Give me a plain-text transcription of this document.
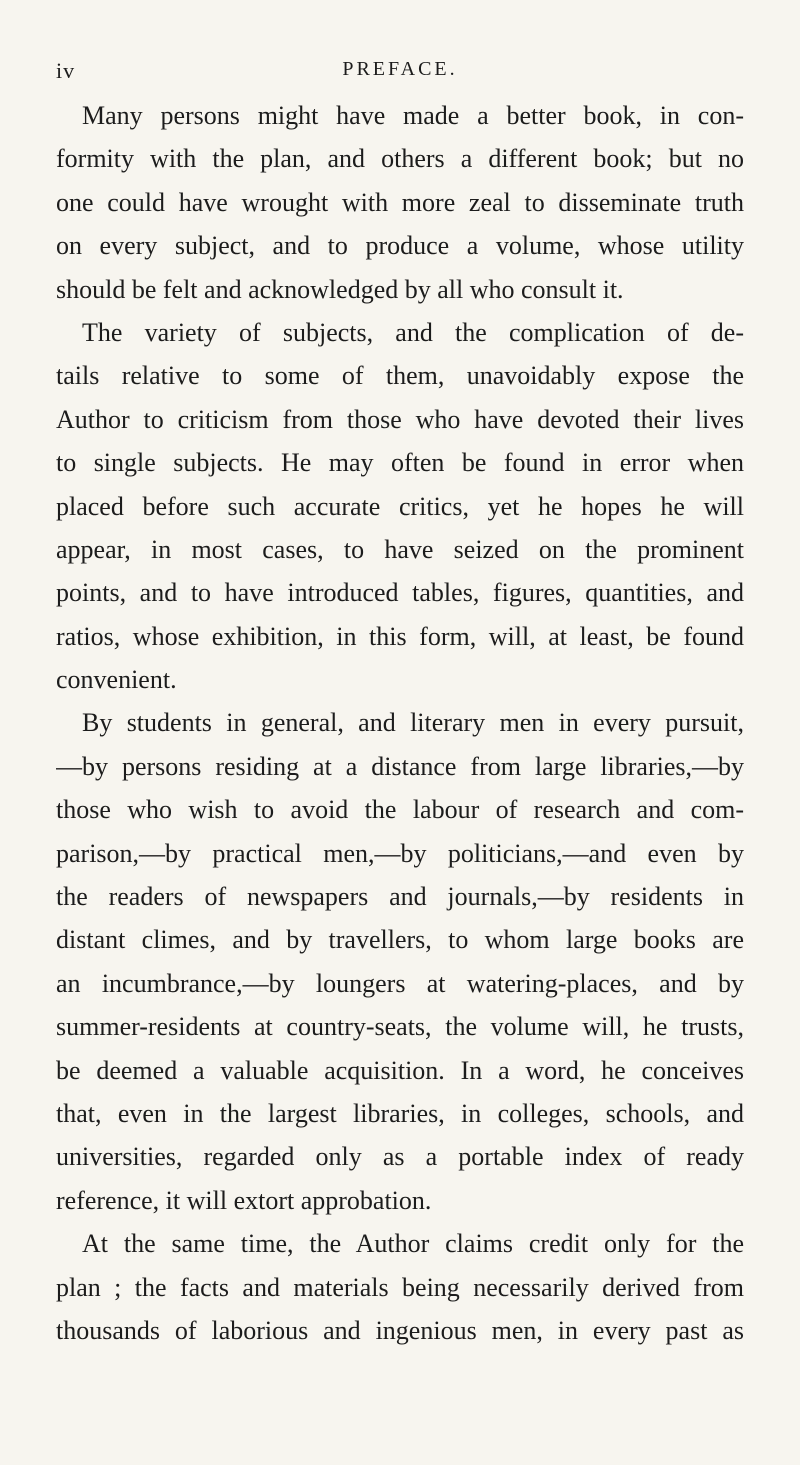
iv	PREFACE.
Many persons might have made a better book, in con-
formity with the plan, and others a different book; but no
one could have wrought with more zeal to disseminate truth
on every subject, and to produce a volume, whose utility
should be felt and acknowledged by all who consult it.
The variety of subjects, and the complication of de-
tails relative to some of them, unavoidably expose the
Author to criticism from those who have devoted their lives
to single subjects. He may often be found in error when
placed before such accurate critics, yet he hopes he will
appear, in most cases, to have seized on the prominent
points, and to have introduced tables, figures, quantities, and
ratios, whose exhibition, in this form, will, at least, be found
convenient.
By students in general, and literary men in every pursuit,
—by persons residing at a distance from large libraries,—by
those who wish to avoid the labour of research and com-
parison,—by practical men,—by politicians,—and even by
the readers of newspapers and journals,—by residents in
distant climes, and by travellers, to whom large books are
an incumbrance,—by loungers at watering-places, and by
summer-residents at country-seats, the volume will, he trusts,
be deemed a valuable acquisition. In a word, he conceives
that, even in the largest libraries, in colleges, schools, and
universities, regarded only as a portable index of ready
reference, it will extort approbation.
At the same time, the Author claims credit only for the
plan ; the facts and materials being necessarily derived from
thousands of laborious and ingenious men, in every past as
